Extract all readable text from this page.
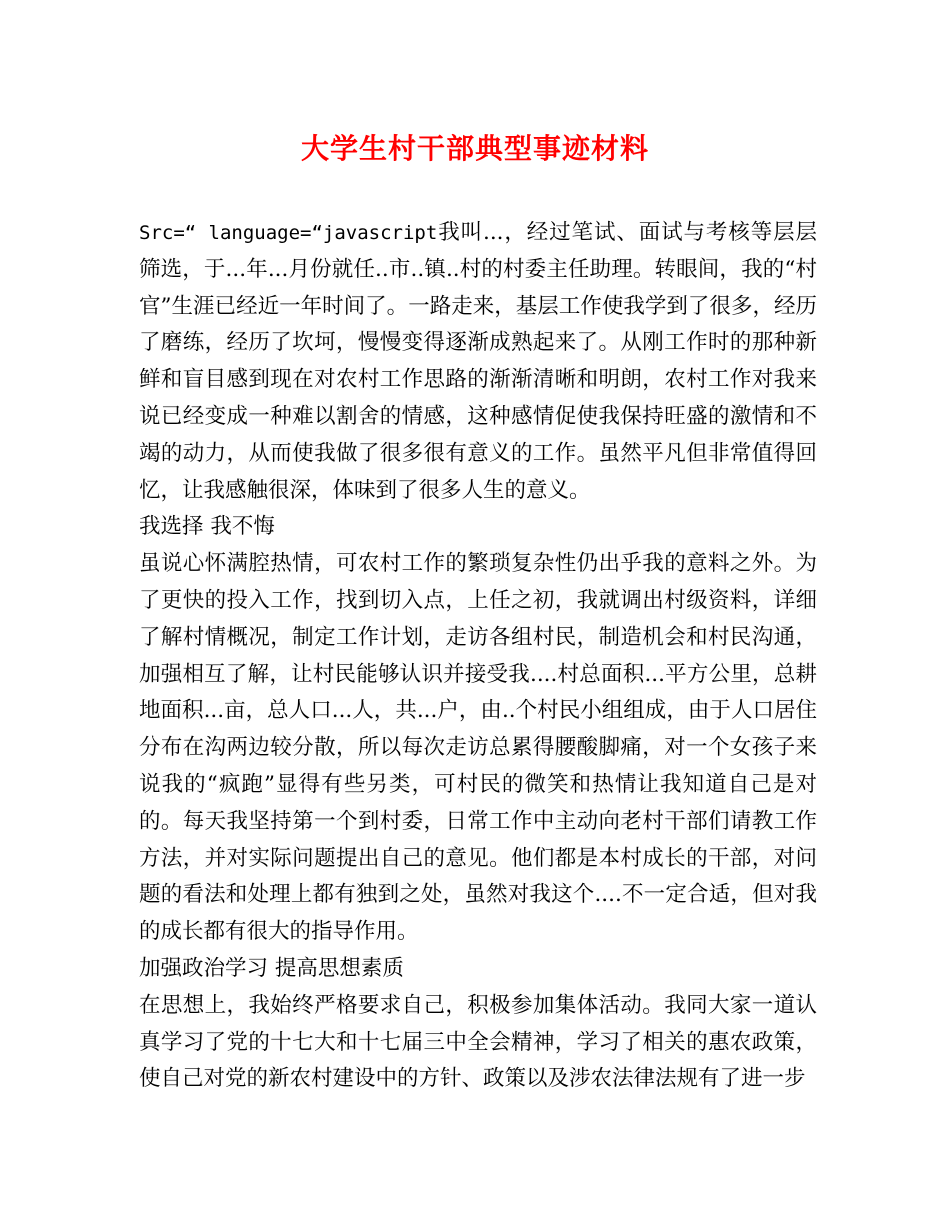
大学生村干部典型事迹材料

Src=“ language=“javascript我叫...，经过笔试、面试与考核等层层筛选，于...年...月份就任..市..镇..村的村委主任助理。转眼间，我的“村官”生涯已经近一年时间了。一路走来，基层工作使我学到了很多，经历了磨练，经历了坎坷，慢慢变得逐渐成熟起来了。从刚工作时的那种新鲜和盲目感到现在对农村工作思路的渐渐清晰和明朗，农村工作对我来说已经变成一种难以割舍的情感，这种感情促使我保持旺盛的激情和不竭的动力，从而使我做了很多很有意义的工作。虽然平凡但非常值得回忆，让我感触很深，体味到了很多人生的意义。

我选择 我不悔

虽说心怀满腔热情，可农村工作的繁琐复杂性仍出乎我的意料之外。为了更快的投入工作，找到切入点，上任之初，我就调出村级资料，详细了解村情概况，制定工作计划，走访各组村民，制造机会和村民沟通，加强相互了解，让村民能够认识并接受我....村总面积...平方公里，总耕地面积...亩，总人口...人，共...户，由..个村民小组组成，由于人口居住分布在沟两边较分散，所以每次走访总累得腰酸脚痛，对一个女孩子来说我的“疯跑”显得有些另类，可村民的微笑和热情让我知道自己是对的。每天我坚持第一个到村委，日常工作中主动向老村干部们请教工作方法，并对实际问题提出自己的意见。他们都是本村成长的干部，对问题的看法和处理上都有独到之处，虽然对我这个....不一定合适，但对我的成长都有很大的指导作用。

加强政治学习 提高思想素质

在思想上，我始终严格要求自己，积极参加集体活动。我同大家一道认真学习了党的十七大和十七届三中全会精神，学习了相关的惠农政策，使自己对党的新农村建设中的方针、政策以及涉农法律法规有了进一步
